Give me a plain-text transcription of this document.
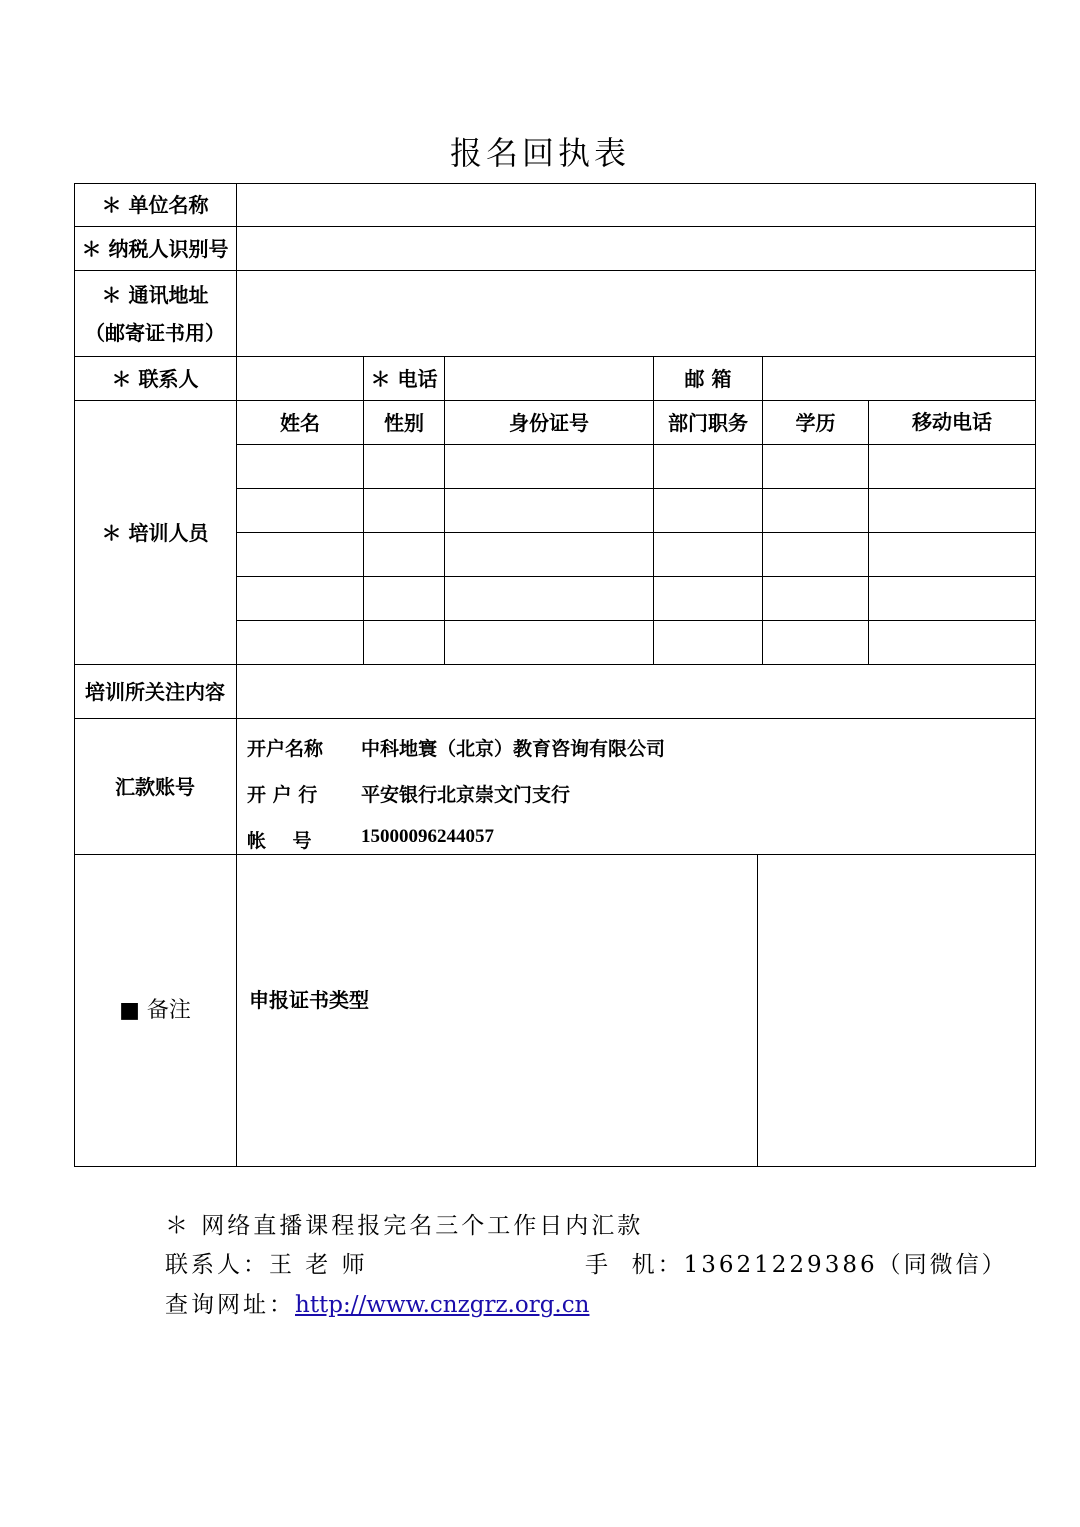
报名回执表
＊ 单位名称
＊ 纳税人识别号
＊ 通讯地址
（邮寄证书用）
＊ 联系人	＊ 电话	邮 箱
＊ 培训人员
姓名	性别	身份证号	部门职务	学历	移动电话
培训所关注内容
汇款账号
开户名称 中科地寰（北京）教育咨询有限公司
开 户 行 平安银行北京崇文门支行
帐    号	15000096244057
■ 备注	申报证书类型
＊ 网络直播课程报完名三个工作日内汇款
联系人：王 老 师	手  机：13621229386（同微信）
查询网址：http://www.cnzgrz.org.cn
